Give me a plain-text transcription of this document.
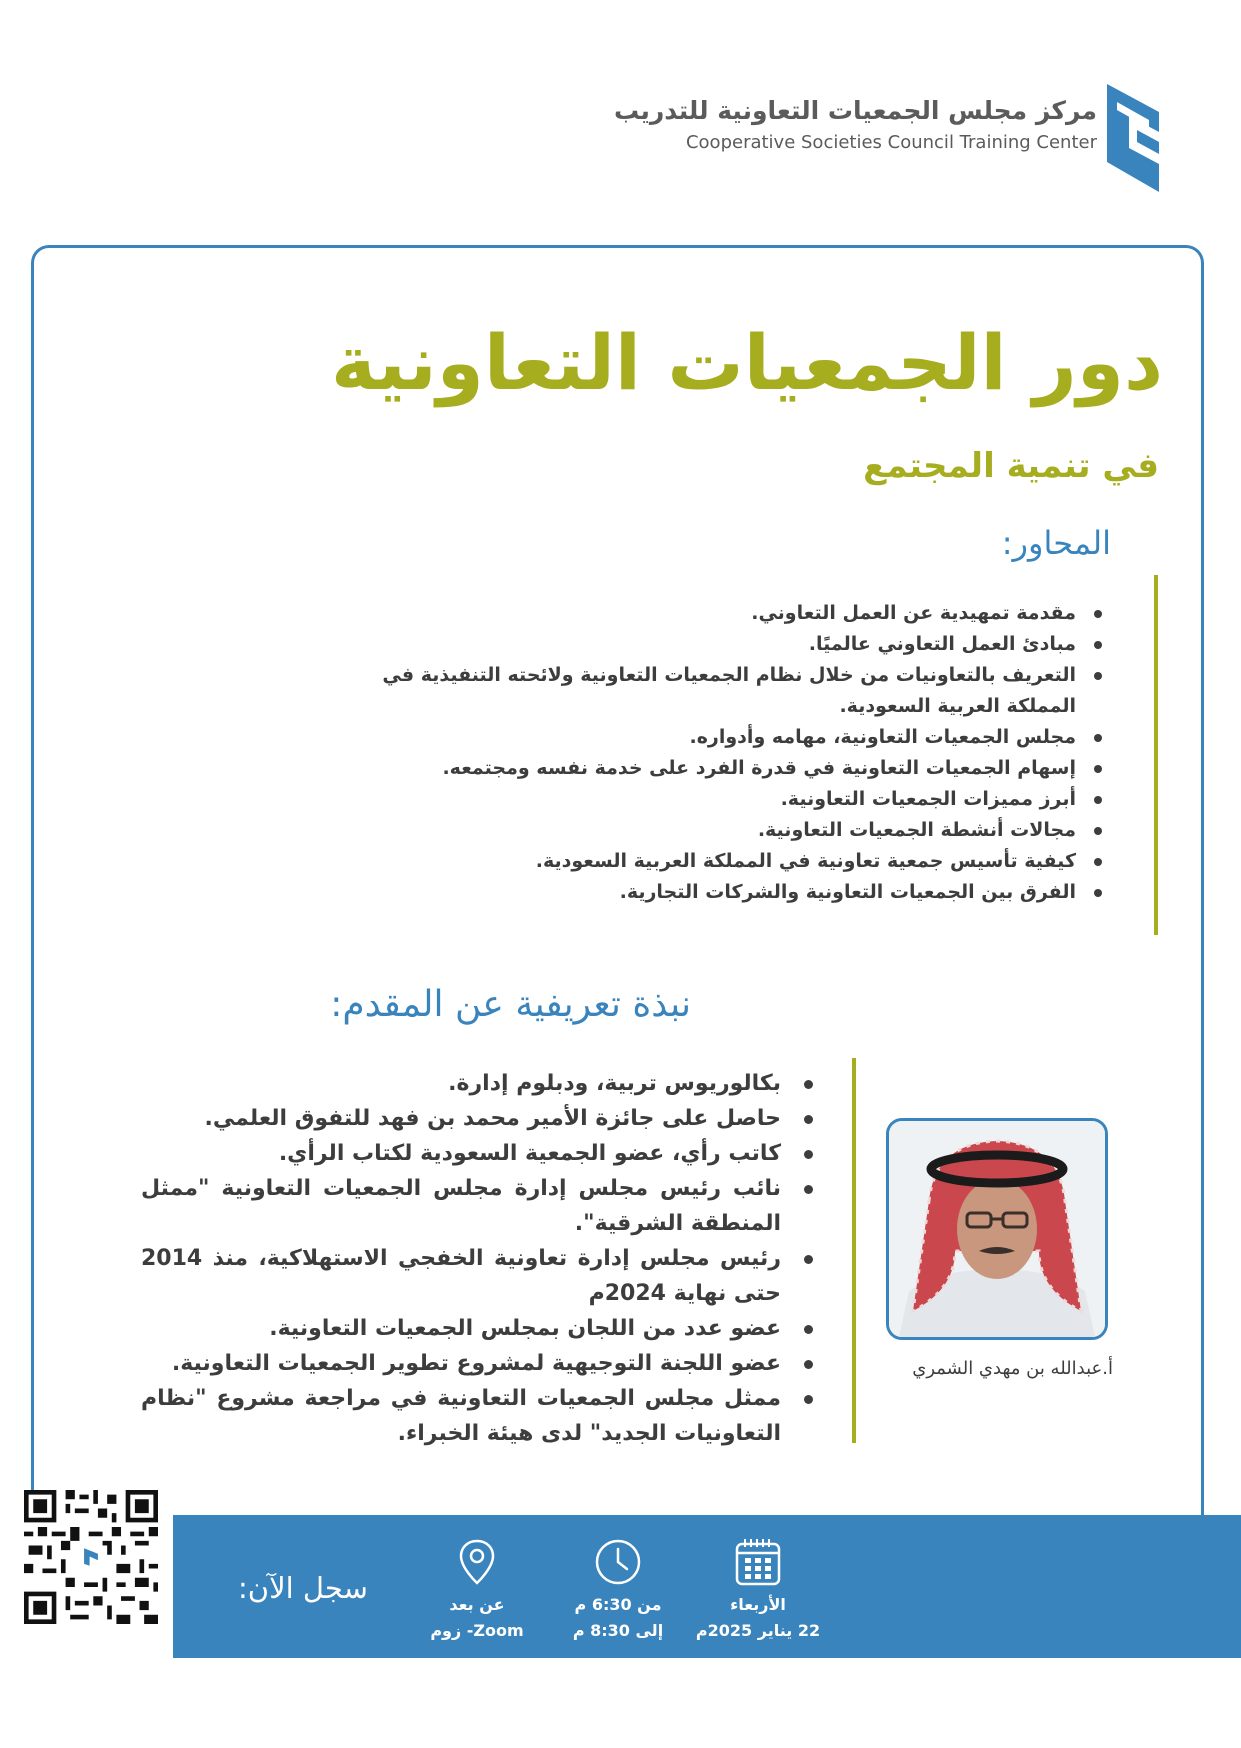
مركز مجلس الجمعيات التعاونية للتدريب
Cooperative Societies Council Training Center
دور الجمعيات التعاونية
في تنمية المجتمع
المحاور:
مقدمة تمهيدية عن العمل التعاوني.
مبادئ العمل التعاوني عالميًا.
التعريف بالتعاونيات من خلال نظام الجمعيات التعاونية ولائحته التنفيذية في المملكة العربية السعودية.
مجلس الجمعيات التعاونية، مهامه وأدواره.
إسهام الجمعيات التعاونية في قدرة الفرد على خدمة نفسه ومجتمعه.
أبرز مميزات الجمعيات التعاونية.
مجالات أنشطة الجمعيات التعاونية.
كيفية تأسيس جمعية تعاونية في المملكة العربية السعودية.
الفرق بين الجمعيات التعاونية والشركات التجارية.
نبذة تعريفية عن المقدم:
بكالوريوس تربية، ودبلوم إدارة.
حاصل على جائزة الأمير محمد بن فهد للتفوق العلمي.
كاتب رأي، عضو الجمعية السعودية لكتاب الرأي.
نائب رئيس مجلس إدارة مجلس الجمعيات التعاونية "ممثل المنطقة الشرقية".
رئيس مجلس إدارة تعاونية الخفجي الاستهلاكية، منذ 2014 حتى نهاية 2024م
عضو عدد من اللجان بمجلس الجمعيات التعاونية.
عضو اللجنة التوجيهية لمشروع تطوير الجمعيات التعاونية.
ممثل مجلس الجمعيات التعاونية في مراجعة مشروع "نظام التعاونيات الجديد" لدى هيئة الخبراء.
أ.عبدالله بن مهدي الشمري
سجل الآن:	الأربعاء
22 يناير 2025م
من 6:30 م
إلى 8:30 م
عن بعد
Zoom- زوم
